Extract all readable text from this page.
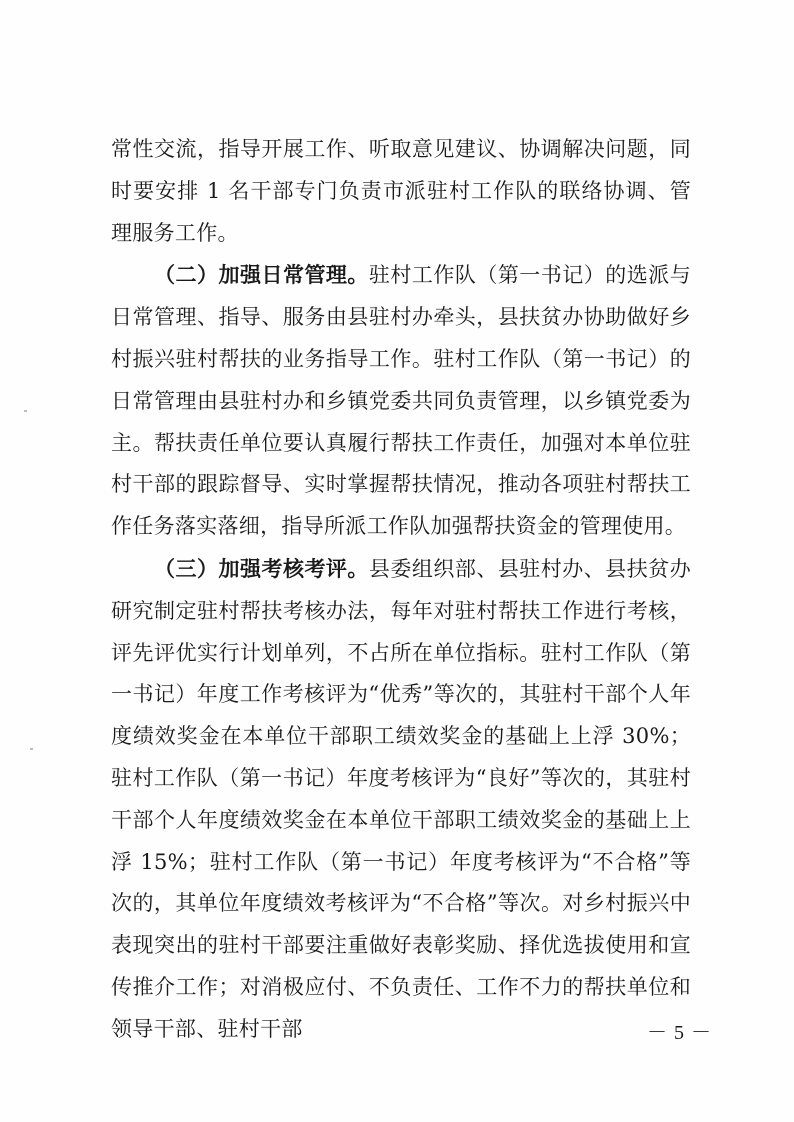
常性交流，指导开展工作、听取意见建议、协调解决问题，同时要安排 1 名干部专门负责市派驻村工作队的联络协调、管理服务工作。

（二）加强日常管理。驻村工作队（第一书记）的选派与日常管理、指导、服务由县驻村办牵头，县扶贫办协助做好乡村振兴驻村帮扶的业务指导工作。驻村工作队（第一书记）的日常管理由县驻村办和乡镇党委共同负责管理，以乡镇党委为主。帮扶责任单位要认真履行帮扶工作责任，加强对本单位驻村干部的跟踪督导、实时掌握帮扶情况，推动各项驻村帮扶工作任务落实落细，指导所派工作队加强帮扶资金的管理使用。

（三）加强考核考评。县委组织部、县驻村办、县扶贫办研究制定驻村帮扶考核办法，每年对驻村帮扶工作进行考核，评先评优实行计划单列，不占所在单位指标。驻村工作队（第一书记）年度工作考核评为“优秀”等次的，其驻村干部个人年度绩效奖金在本单位干部职工绩效奖金的基础上上浮 30%；驻村工作队（第一书记）年度考核评为“良好”等次的，其驻村干部个人年度绩效奖金在本单位干部职工绩效奖金的基础上上浮 15%；驻村工作队（第一书记）年度考核评为“不合格”等次的，其单位年度绩效考核评为“不合格”等次。对乡村振兴中表现突出的驻村干部要注重做好表彰奖励、择优选拔使用和宣传推介工作；对消极应付、不负责任、工作不力的帮扶单位和领导干部、驻村干部	－ 5 －
